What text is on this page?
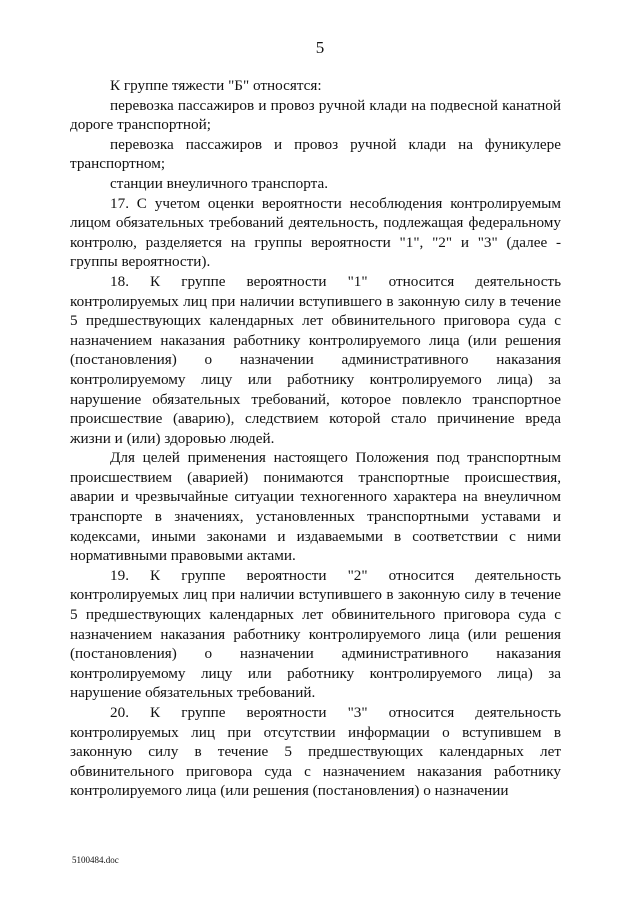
5

К группе тяжести "Б" относятся:

перевозка пассажиров и провоз ручной клади на подвесной канатной дороге транспортной;

перевозка пассажиров и провоз ручной клади на фуникулере транспортном;

станции внеуличного транспорта.

17. С учетом оценки вероятности несоблюдения контролируемым лицом обязательных требований деятельность, подлежащая федеральному контролю, разделяется на группы вероятности "1", "2" и "3" (далее - группы вероятности).

18. К группе вероятности "1" относится деятельность контролируемых лиц при наличии вступившего в законную силу в течение 5 предшествующих календарных лет обвинительного приговора суда с назначением наказания работнику контролируемого лица (или решения (постановления) о назначении административного наказания контролируемому лицу или работнику контролируемого лица) за нарушение обязательных требований, которое повлекло транспортное происшествие (аварию), следствием которой стало причинение вреда жизни и (или) здоровью людей.

Для целей применения настоящего Положения под транспортным происшествием (аварией) понимаются транспортные происшествия, аварии и чрезвычайные ситуации техногенного характера на внеуличном транспорте в значениях, установленных транспортными уставами и кодексами, иными законами и издаваемыми в соответствии с ними нормативными правовыми актами.

19. К группе вероятности "2" относится деятельность контролируемых лиц при наличии вступившего в законную силу в течение 5 предшествующих календарных лет обвинительного приговора суда с назначением наказания работнику контролируемого лица (или решения (постановления) о назначении административного наказания контролируемому лицу или работнику контролируемого лица) за нарушение обязательных требований.

20. К группе вероятности "3" относится деятельность контролируемых лиц при отсутствии информации о вступившем в законную силу в течение 5 предшествующих календарных лет обвинительного приговора суда с назначением наказания работнику контролируемого лица (или решения (постановления) о назначении

5100484.doc
